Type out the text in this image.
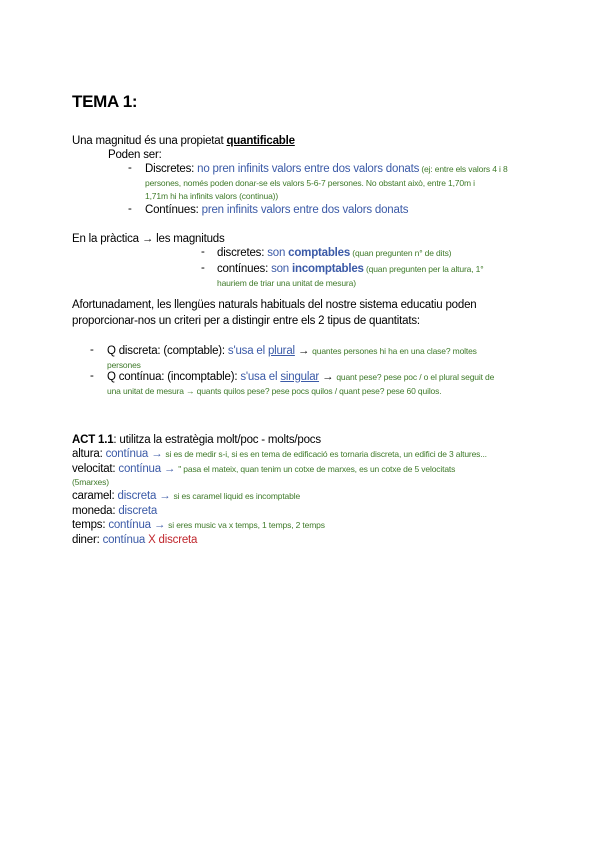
TEMA 1:
Una magnitud és una propietat quantificable
Poden ser:
- Discretes: no pren infinits valors entre dos valors donats (ej: entre els valors 4 i 8
persones, només poden donar-se els valors 5-6-7 persones. No obstant això, entre 1,70m i
1,71m hi ha infinits valors (continua))
- Contínues: pren infinits valors entre dos valors donats
En la pràctica → les magnituds
- discretes: son comptables (quan pregunten n° de dits)
- contínues: son incomptables (quan pregunten per la altura, 1°
hauriem de triar una unitat de mesura)
Afortunadament, les llengües naturals habituals del nostre sistema educatiu poden
proporcionar-nos un criteri per a distingir entre els 2 tipus de quantitats:
- Q discreta: (comptable): s'usa el plural → quantes persones hi ha en una clase? moltes
persones
- Q contínua: (incomptable): s'usa el singular → quant pese? pese poc / o el plural seguit de
una unitat de mesura → quants quilos pese? pese pocs quilos / quant pese? pese 60 quilos.
ACT 1.1: utilitza la estratègia molt/poc - molts/pocs
altura: contínua → si es de medir s-i, si es en tema de edificació es tornaria discreta, un edifici de 3 altures...
velocitat: contínua → " pasa el mateix, quan tenim un cotxe de marxes, es un cotxe de 5 velocitats
(5marxes)
caramel: discreta → si es caramel liquid es incomptable
moneda: discreta
temps: contínua → si eres music va x temps, 1 temps, 2 temps
diner: contínua X discreta
